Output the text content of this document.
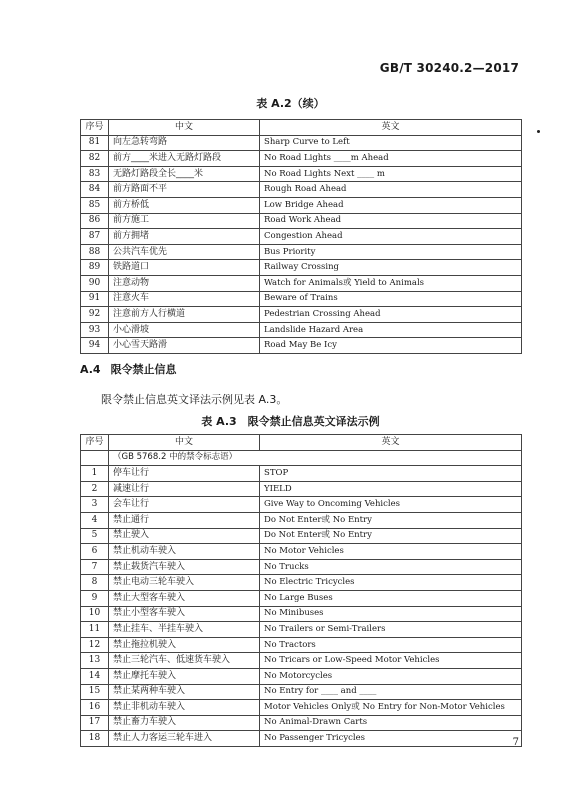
GB/T 30240.2—2017
表 A.2（续）
序号	中文	英文
81	向左急转弯路	Sharp Curve to Left
82	前方____米进入无路灯路段	No Road Lights ____m Ahead
83	无路灯路段全长____米	No Road Lights Next ____ m
84	前方路面不平	Rough Road Ahead
85	前方桥低	Low Bridge Ahead
86	前方施工	Road Work Ahead
87	前方拥堵	Congestion Ahead
88	公共汽车优先	Bus Priority
89	铁路道口	Railway Crossing
90	注意动物	Watch for Animals或 Yield to Animals
91	注意火车	Beware of Trains
92	注意前方人行横道	Pedestrian Crossing Ahead
93	小心滑坡	Landslide Hazard Area
94	小心雪天路滑	Road May Be Icy
A.4 限令禁止信息
限令禁止信息英文译法示例见表 A.3。
表 A.3　限令禁止信息英文译法示例
序号	中文	英文
	（GB 5768.2 中的禁令标志语）	
1	停车让行	STOP
2	减速让行	YIELD
3	会车让行	Give Way to Oncoming Vehicles
4	禁止通行	Do Not Enter或 No Entry
5	禁止驶入	Do Not Enter或 No Entry
6	禁止机动车驶入	No Motor Vehicles
7	禁止载货汽车驶入	No Trucks
8	禁止电动三轮车驶入	No Electric Tricycles
9	禁止大型客车驶入	No Large Buses
10	禁止小型客车驶入	No Minibuses
11	禁止挂车、半挂车驶入	No Trailers or Semi-Trailers
12	禁止拖拉机驶入	No Tractors
13	禁止三轮汽车、低速货车驶入	No Tricars or Low-Speed Motor Vehicles
14	禁止摩托车驶入	No Motorcycles
15	禁止某两种车驶入	No Entry for ____ and ____
16	禁止非机动车驶入	Motor Vehicles Only或 No Entry for Non-Motor Vehicles
17	禁止畜力车驶入	No Animal-Drawn Carts
18	禁止人力客运三轮车进入	No Passenger Tricycles	7
